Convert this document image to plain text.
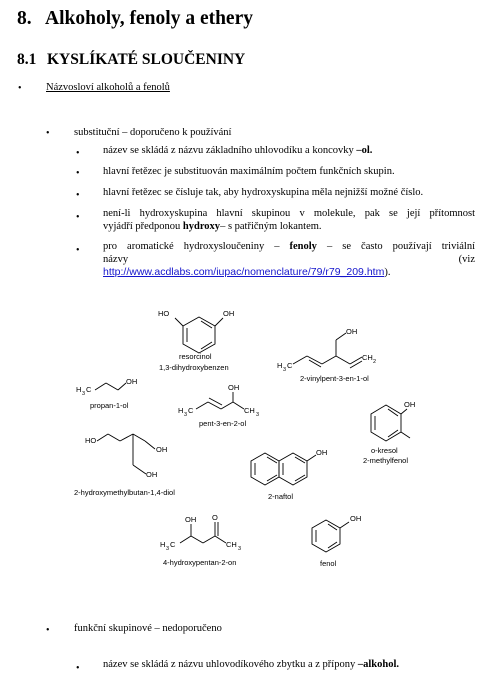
8. Alkoholy, fenoly a ethery
8.1 KYSLÍKATÉ SLOUČENINY
• Názvosloví alkoholů a fenolů
• substituční – doporučeno k používání
• název se skládá z názvu základního uhlovodíku a koncovky –ol.
• hlavní řetězec je substituován maximálním počtem funkčních skupin.
• hlavní řetězec se čísluje tak, aby hydroxyskupina měla nejnižší možné číslo.
• není-li hydroxyskupina hlavní skupinou v molekule, pak se její přítomnost
vyjádří předponou hydroxy– s patřičným lokantem.
• pro aromatické hydroxysloučeniny – fenoly – se často používají triviální
názvy	(viz
http://www.acdlabs.com/iupac/nomenclature/79/r79_209.htm).
HO	OH
resorcinol
1,3-dihydroxybenzen
OH
CH 2
H 3 C
2-vinylpent-3-en-1-ol
H 3 C
OH
propan-1-ol
OH
H 3 C	CH 3
pent-3-en-2-ol
OH
o-kresol
2-methylfenol
HO
OH
OH
2-hydroxymethylbutan-1,4-diol
OH
2-naftol
OH O
H 3 C	CH 3
4-hydroxypentan-2-on
OH
fenol
• funkční skupinové – nedoporučeno
• název se skládá z názvu uhlovodíkového zbytku a z přípony –alkohol.
